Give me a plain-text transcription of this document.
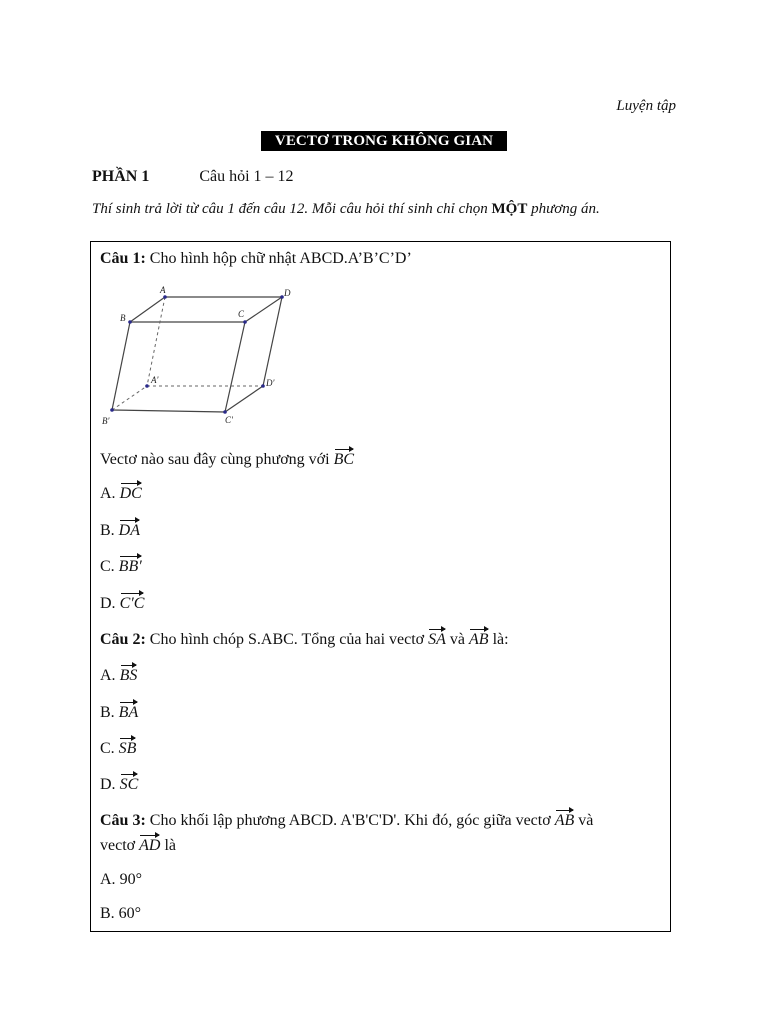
Luyện tập
VECTƠ TRONG KHÔNG GIAN
PHẦN 1	Câu hỏi 1 – 12
Thí sinh trả lời từ câu 1 đến câu 12. Mỗi câu hỏi thí sinh chỉ chọn MỘT phương án.
Câu 1: Cho hình hộp chữ nhật ABCD.A’B’C’D’
A
B	C
D
A'
B'	C'
D'
Vectơ nào sau đây cùng phương với BC
A. DC
B. DA
C. BB′
D. C′C
Câu 2: Cho hình chóp S.ABC. Tổng của hai vectơ SA và AB là:
A. BS
B. BA
C. SB
D. SC
Câu 3: Cho khối lập phương ABCD. A'B'C'D'. Khi đó, góc giữa vectơ AB và
vectơ AD là
A. 90°
B. 60°
